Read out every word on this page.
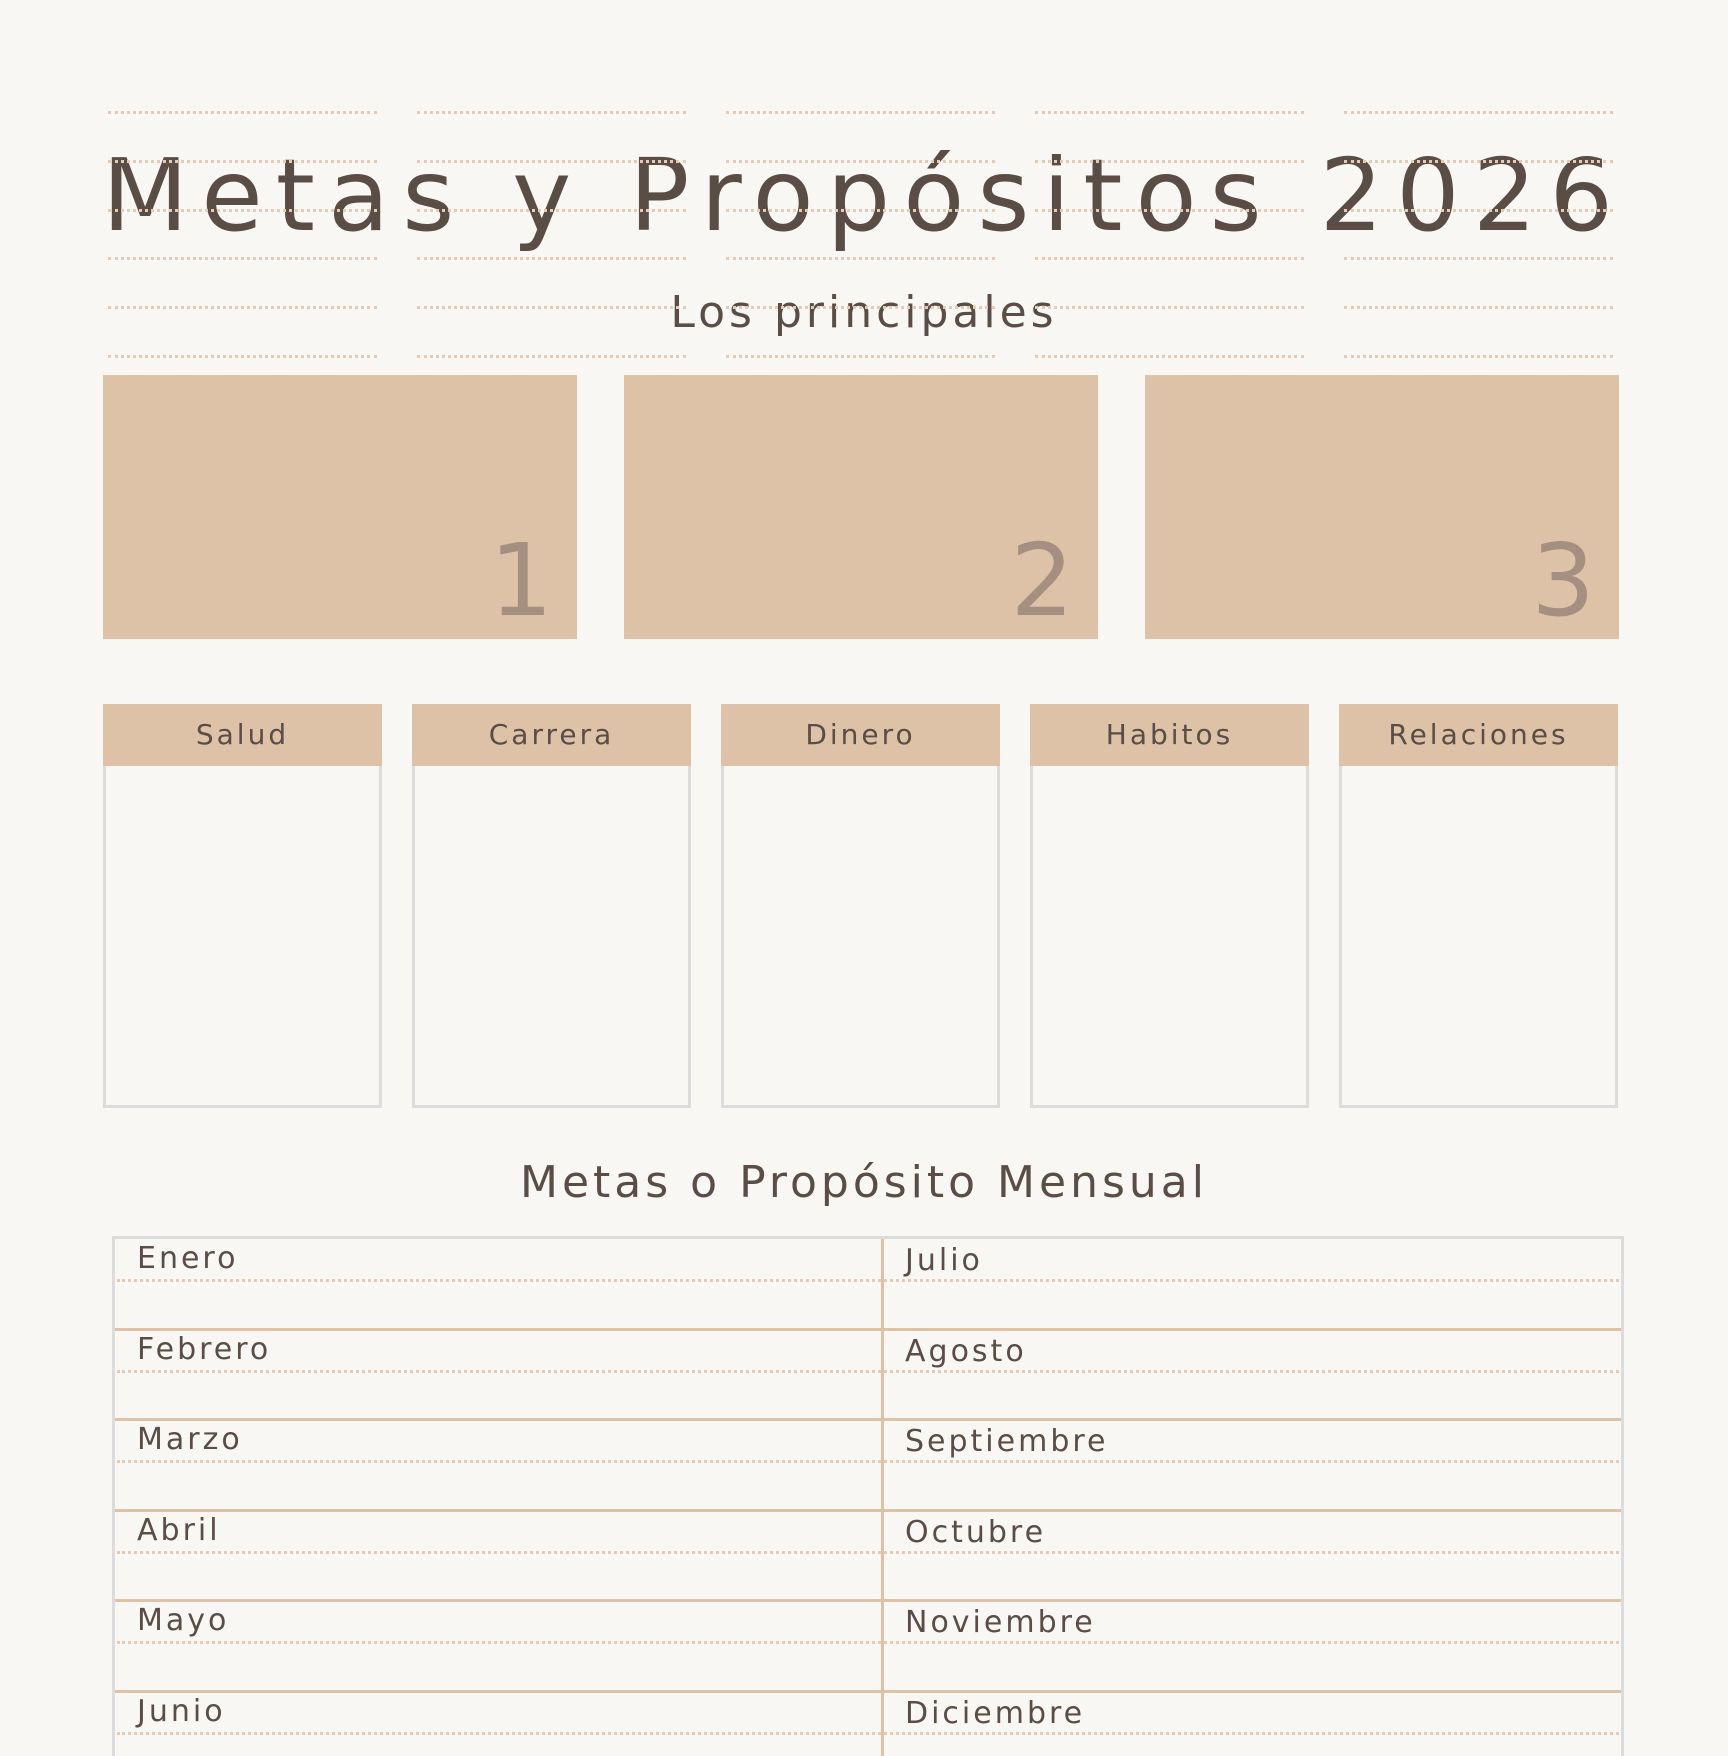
Metas y Propósitos 2026
Los principales
1	2	3
Salud	Carrera	Dinero	Habitos	Relaciones
Metas o Propósito Mensual
Enero	Julio
Febrero	Agosto
Marzo	Septiembre
Abril	Octubre
Mayo	Noviembre
Junio	Diciembre
